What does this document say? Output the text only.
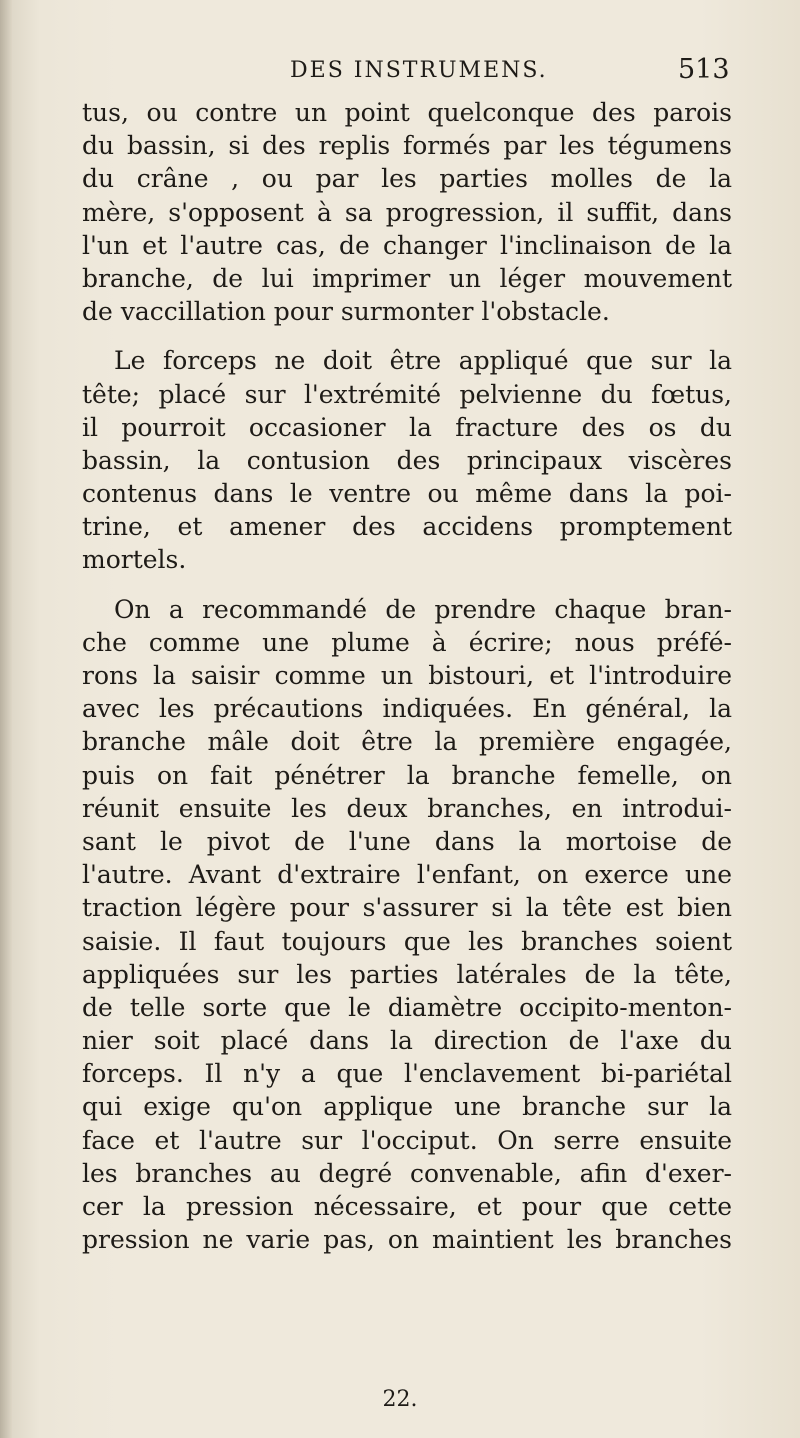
DES INSTRUMENS.	513
tus, ou contre un point quelconque des parois
du bassin, si des replis formés par les tégumens
du crâne , ou par les parties molles de la
mère, s'opposent à sa progression, il suffit, dans
l'un et l'autre cas, de changer l'inclinaison de la
branche, de lui imprimer un léger mouvement
de vaccillation pour surmonter l'obstacle.
Le forceps ne doit être appliqué que sur la
tête; placé sur l'extrémité pelvienne du fœtus,
il pourroit occasioner la fracture des os du
bassin, la contusion des principaux viscères
contenus dans le ventre ou même dans la poi-
trine, et amener des accidens promptement
mortels.
On a recommandé de prendre chaque bran-
che comme une plume à écrire; nous préfé-
rons la saisir comme un bistouri, et l'introduire
avec les précautions indiquées. En général, la
branche mâle doit être la première engagée,
puis on fait pénétrer la branche femelle, on
réunit ensuite les deux branches, en introdui-
sant le pivot de l'une dans la mortoise de
l'autre. Avant d'extraire l'enfant, on exerce une
traction légère pour s'assurer si la tête est bien
saisie. Il faut toujours que les branches soient
appliquées sur les parties latérales de la tête,
de telle sorte que le diamètre occipito-menton-
nier soit placé dans la direction de l'axe du
forceps. Il n'y a que l'enclavement bi-pariétal
qui exige qu'on applique une branche sur la
face et l'autre sur l'occiput. On serre ensuite
les branches au degré convenable, afin d'exer-
cer la pression nécessaire, et pour que cette
pression ne varie pas, on maintient les branches
22.
